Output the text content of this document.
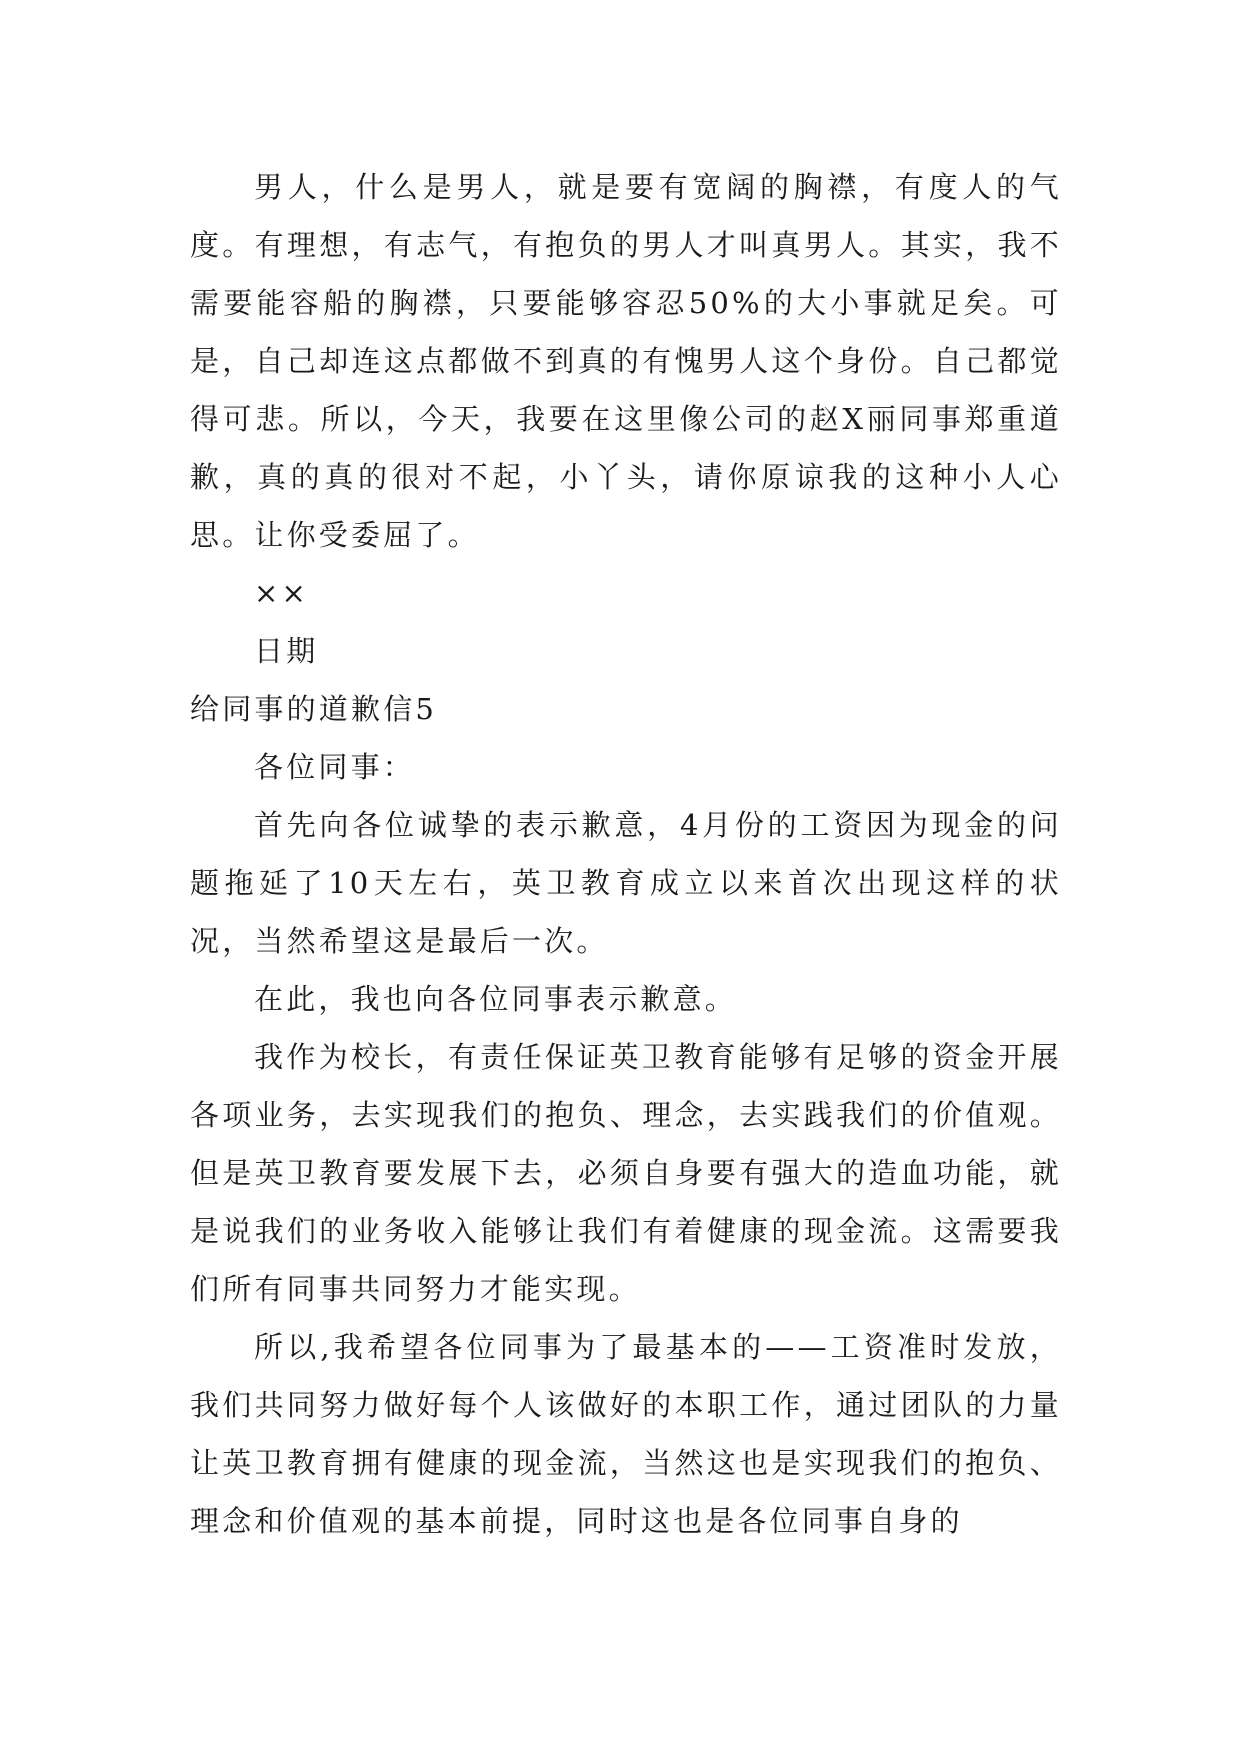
男人，什么是男人，就是要有宽阔的胸襟，有度人的气度。有理想，有志气，有抱负的男人才叫真男人。其实，我不需要能容船的胸襟，只要能够容忍50%的大小事就足矣。可是，自己却连这点都做不到真的有愧男人这个身份。自己都觉得可悲。所以，今天，我要在这里像公司的赵X丽同事郑重道歉，真的真的很对不起，小丫头，请你原谅我的这种小人心思。让你受委屈了。

××

日期

给同事的道歉信5

各位同事：

首先向各位诚挚的表示歉意，4月份的工资因为现金的问题拖延了10天左右，英卫教育成立以来首次出现这样的状况，当然希望这是最后一次。

在此，我也向各位同事表示歉意。

我作为校长，有责任保证英卫教育能够有足够的资金开展各项业务，去实现我们的抱负、理念，去实践我们的价值观。但是英卫教育要发展下去，必须自身要有强大的造血功能，就是说我们的业务收入能够让我们有着健康的现金流。这需要我们所有同事共同努力才能实现。

所以,我希望各位同事为了最基本的——工资准时发放，我们共同努力做好每个人该做好的本职工作，通过团队的力量让英卫教育拥有健康的现金流，当然这也是实现我们的抱负、理念和价值观的基本前提，同时这也是各位同事自身的
